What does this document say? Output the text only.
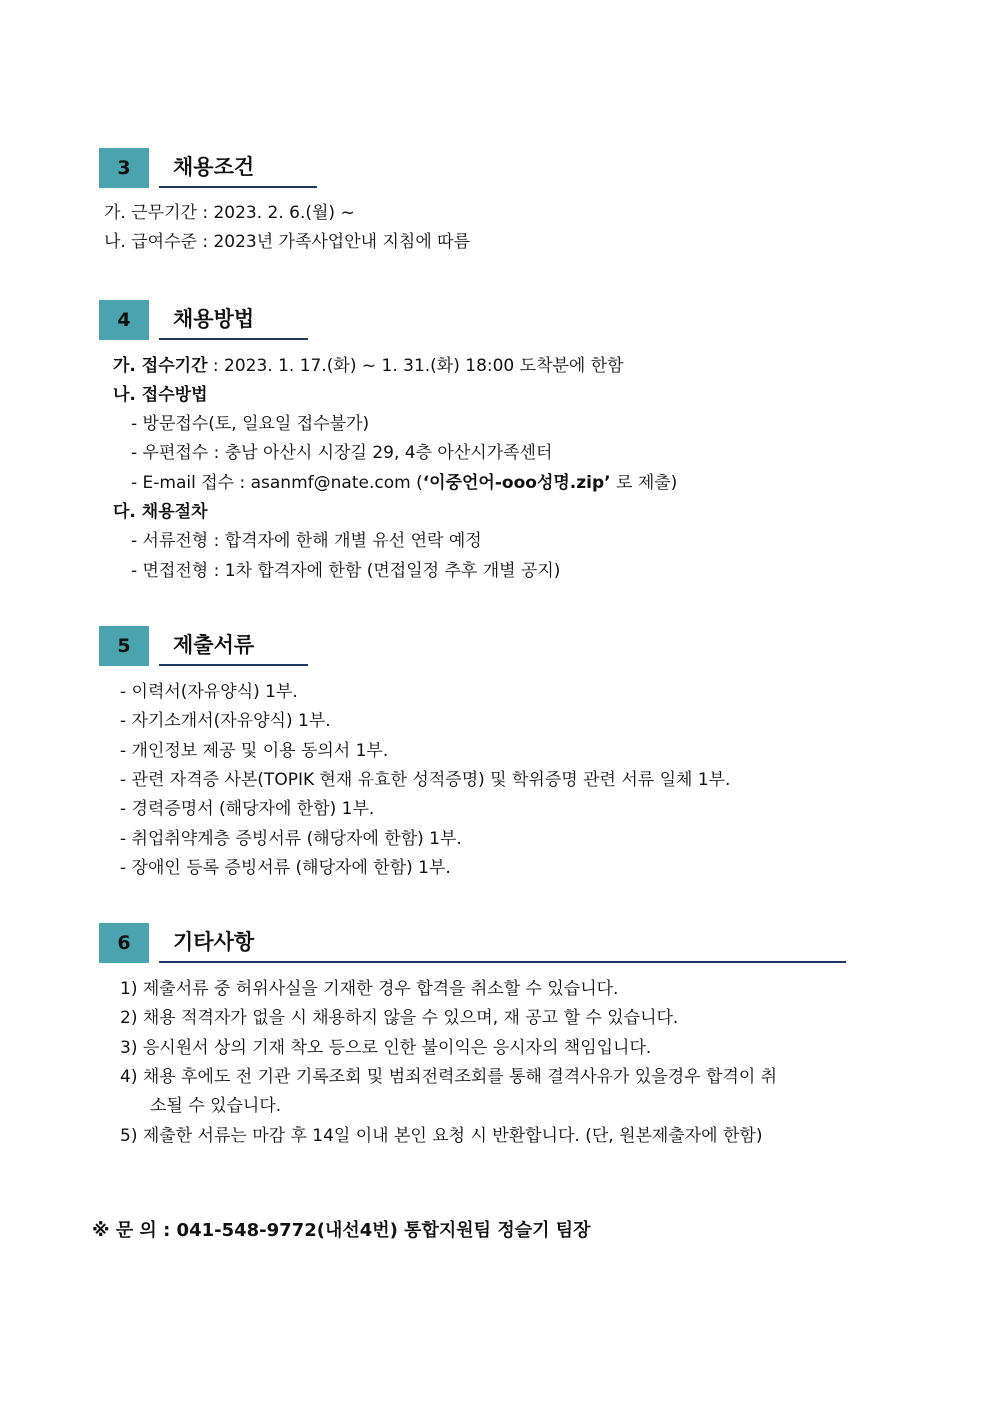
3	채용조건
가. 근무기간 : 2023. 2. 6.(월) ~
나. 급여수준 : 2023년 가족사업안내 지침에 따름
4	채용방법
가. 접수기간 : 2023. 1. 17.(화) ~ 1. 31.(화) 18:00 도착분에 한함
나. 접수방법
- 방문접수(토, 일요일 접수불가)
- 우편접수 : 충남 아산시 시장길 29, 4층 아산시가족센터
- E-mail 접수 : asanmf@nate.com (‘이중언어-ooo성명.zip’ 로 제출)
다. 채용절차
- 서류전형 : 합격자에 한해 개별 유선 연락 예정
- 면접전형 : 1차 합격자에 한함 (면접일정 추후 개별 공지)
5	제출서류
- 이력서(자유양식) 1부.
- 자기소개서(자유양식) 1부.
- 개인정보 제공 및 이용 동의서 1부.
- 관련 자격증 사본(TOPIK 현재 유효한 성적증명) 및 학위증명 관련 서류 일체 1부.
- 경력증명서 (해당자에 한함) 1부.
- 취업취약계층 증빙서류 (해당자에 한함) 1부.
- 장애인 등록 증빙서류 (해당자에 한함) 1부.
6	기타사항
1) 제출서류 중 허위사실을 기재한 경우 합격을 취소할 수 있습니다.
2) 채용 적격자가 없을 시 채용하지 않을 수 있으며, 재 공고 할 수 있습니다.
3) 응시원서 상의 기재 착오 등으로 인한 불이익은 응시자의 책임입니다.
4) 채용 후에도 전 기관 기록조회 및 범죄전력조회를 통해 결격사유가 있을경우 합격이 취
소될 수 있습니다.
5) 제출한 서류는 마감 후 14일 이내 본인 요청 시 반환합니다. (단, 원본제출자에 한함)
※ 문 의 : 041-548-9772(내선4번) 통합지원팀 정슬기 팀장
